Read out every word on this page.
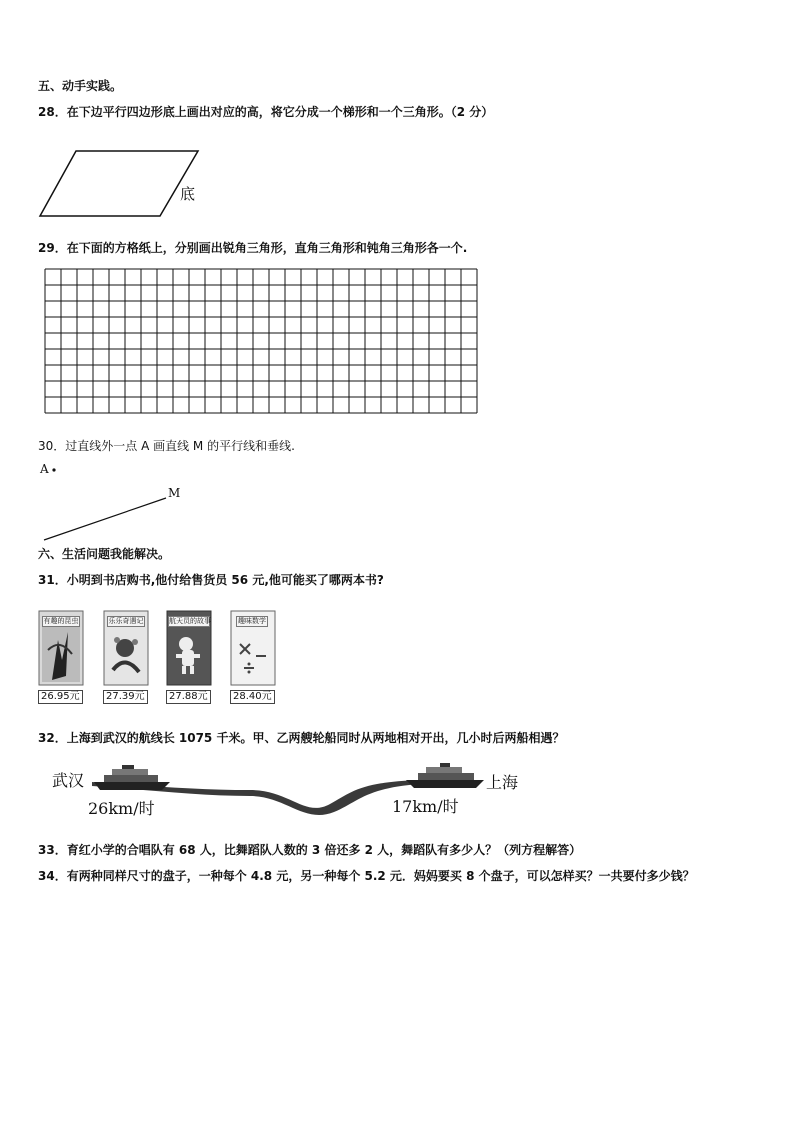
五、动手实践。
28．在下边平行四边形底上画出对应的高，将它分成一个梯形和一个三角形。（2 分）
底
29．在下面的方格纸上，分别画出锐角三角形，直角三角形和钝角三角形各一个.
30．过直线外一点 A 画直线 M 的平行线和垂线.
A
M
六、生活问题我能解决。
31．小明到书店购书,他付给售货员 56 元,他可能买了哪两本书?
有趣的昆虫
26.95元
乐乐奇遇记
27.39元
航天员的故事
27.88元
趣味数学
28.40元
32．上海到武汉的航线长 1075 千米。甲、乙两艘轮船同时从两地相对开出，几小时后两船相遇？
武汉	上海
26km/时	17km/时
33．育红小学的合唱队有 68 人，比舞蹈队人数的 3 倍还多 2 人，舞蹈队有多少人？（列方程解答）
34．有两种同样尺寸的盘子，一种每个 4.8 元，另一种每个 5.2 元．妈妈要买 8 个盘子，可以怎样买？一共要付多少钱？
